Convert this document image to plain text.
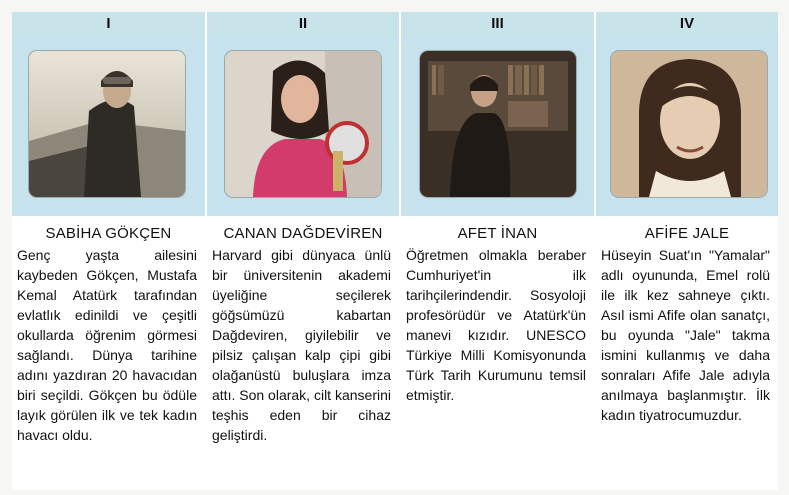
I
SABİHA GÖKÇEN
Genç yaşta ailesini kaybeden Gökçen, Mustafa Kemal Atatürk tarafından evlatlık edinildi ve çeşitli okullarda öğrenim görmesi sağlandı. Dünya tarihine adını yazdıran 20 havacıdan biri seçildi. Gökçen bu ödüle layık görülen ilk ve tek kadın havacı oldu.
II
CANAN DAĞDEVİREN
Harvard gibi dünyaca ünlü bir üniversitenin akademi üyeliğine seçilerek göğsümüzü kabartan Dağdeviren, giyilebilir ve pilsiz çalışan kalp çipi gibi olağanüstü buluşlara imza attı. Son olarak, cilt kanserini teşhis eden bir cihaz geliştirdi.
III
AFET İNAN
Öğretmen olmakla beraber Cumhuriyet'in ilk tarihçilerindendir. Sosyoloji profesörüdür ve Atatürk'ün manevi kızıdır. UNESCO Türkiye Milli Komisyonunda Türk Tarih Kurumunu temsil etmiştir.
IV
AFİFE JALE
Hüseyin Suat'ın "Yamalar" adlı oyununda, Emel rolü ile ilk kez sahneye çıktı. Asıl ismi Afife olan sanatçı, bu oyunda "Jale" takma ismini kullanmış ve daha sonraları Afife Jale adıyla anılmaya başlanmıştır. İlk kadın tiyatrocumuzdur.
